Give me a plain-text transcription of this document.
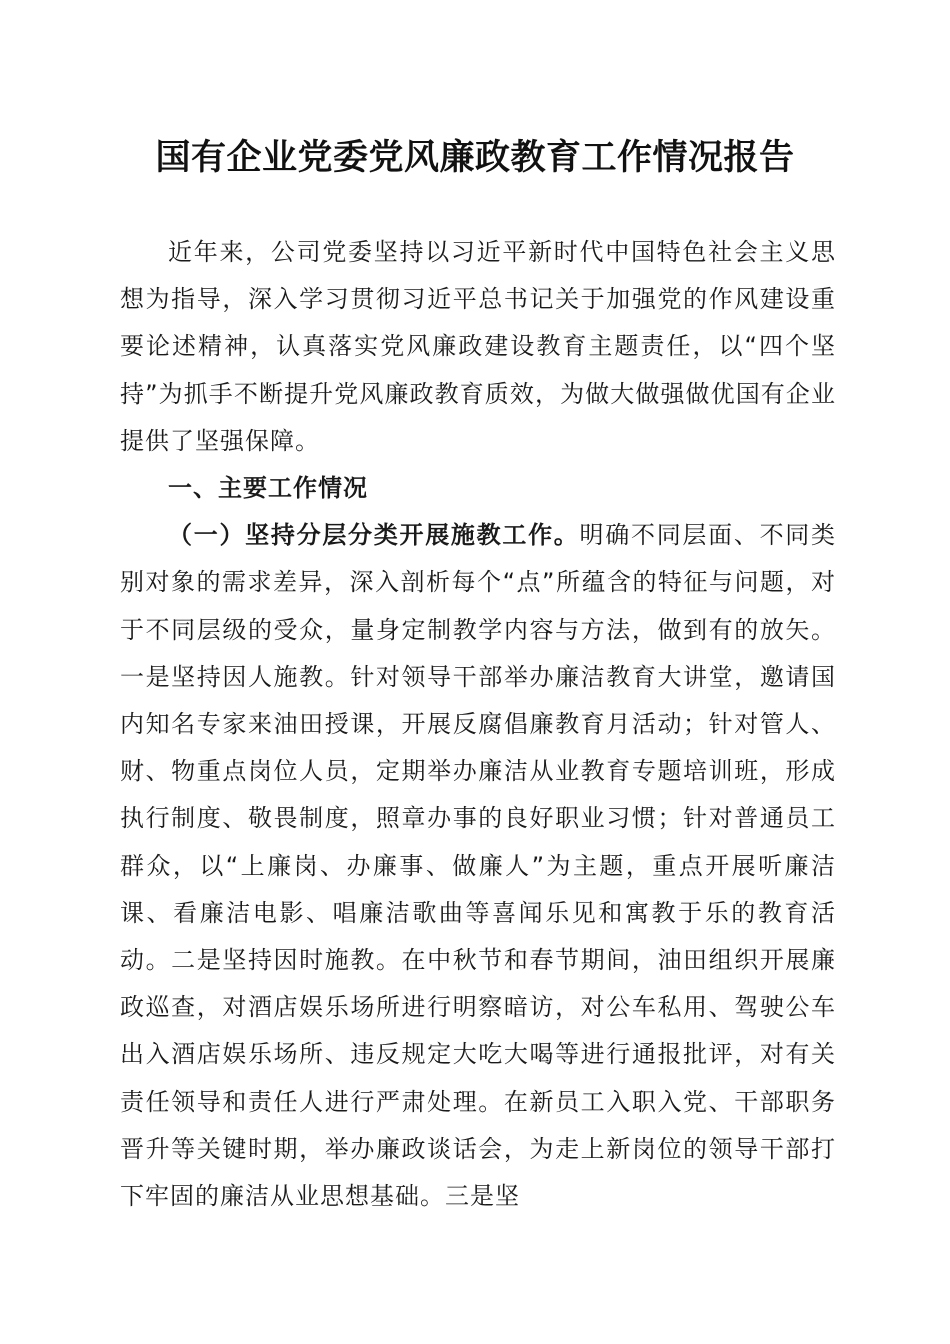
国有企业党委党风廉政教育工作情况报告

近年来，公司党委坚持以习近平新时代中国特色社会主义思想为指导，深入学习贯彻习近平总书记关于加强党的作风建设重要论述精神，认真落实党风廉政建设教育主题责任，以“四个坚持”为抓手不断提升党风廉政教育质效，为做大做强做优国有企业提供了坚强保障。

一、主要工作情况

（一）坚持分层分类开展施教工作。明确不同层面、不同类别对象的需求差异，深入剖析每个“点”所蕴含的特征与问题，对于不同层级的受众，量身定制教学内容与方法，做到有的放矢。一是坚持因人施教。针对领导干部举办廉洁教育大讲堂，邀请国内知名专家来油田授课，开展反腐倡廉教育月活动；针对管人、财、物重点岗位人员，定期举办廉洁从业教育专题培训班，形成执行制度、敬畏制度，照章办事的良好职业习惯；针对普通员工群众，以“上廉岗、办廉事、做廉人”为主题，重点开展听廉洁课、看廉洁电影、唱廉洁歌曲等喜闻乐见和寓教于乐的教育活动。二是坚持因时施教。在中秋节和春节期间，油田组织开展廉政巡查，对酒店娱乐场所进行明察暗访，对公车私用、驾驶公车出入酒店娱乐场所、违反规定大吃大喝等进行通报批评，对有关责任领导和责任人进行严肃处理。在新员工入职入党、干部职务晋升等关键时期，举办廉政谈话会，为走上新岗位的领导干部打下牢固的廉洁从业思想基础。三是坚
